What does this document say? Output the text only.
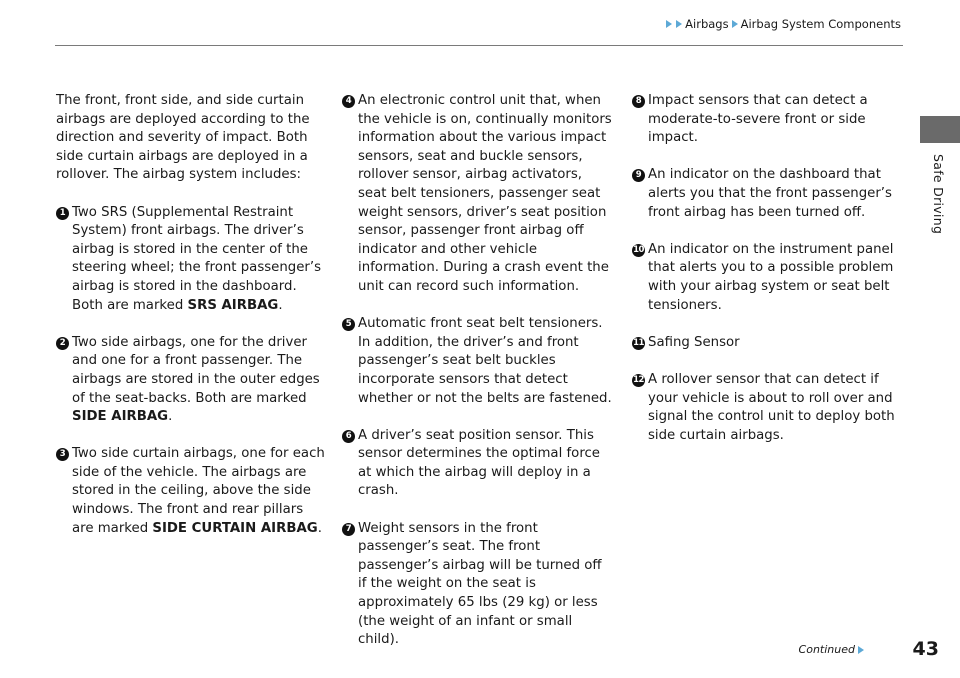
Airbags Airbag System Components
Safe Driving

The front, front side, and side curtain airbags are deployed according to the direction and severity of impact. Both side curtain airbags are deployed in a rollover. The airbag system includes:

1 Two SRS (Supplemental Restraint System) front airbags. The driver’s airbag is stored in the center of the steering wheel; the front passenger’s airbag is stored in the dashboard. Both are marked SRS AIRBAG.
2 Two side airbags, one for the driver and one for a front passenger. The airbags are stored in the outer edges of the seat-backs. Both are marked SIDE AIRBAG.
3 Two side curtain airbags, one for each side of the vehicle. The airbags are stored in the ceiling, above the side windows. The front and rear pillars are marked SIDE CURTAIN AIRBAG.
4 An electronic control unit that, when the vehicle is on, continually monitors information about the various impact sensors, seat and buckle sensors, rollover sensor, airbag activators, seat belt tensioners, passenger seat weight sensors, driver’s seat position sensor, passenger front airbag off indicator and other vehicle information. During a crash event the unit can record such information.
5 Automatic front seat belt tensioners. In addition, the driver’s and front passenger’s seat belt buckles incorporate sensors that detect whether or not the belts are fastened.
6 A driver’s seat position sensor. This sensor determines the optimal force at which the airbag will deploy in a crash.
7 Weight sensors in the front passenger’s seat. The front passenger’s airbag will be turned off if the weight on the seat is approximately 65 lbs (29 kg) or less (the weight of an infant or small child).
8 Impact sensors that can detect a moderate-to-severe front or side impact.
9 An indicator on the dashboard that alerts you that the front passenger’s front airbag has been turned off.
10 An indicator on the instrument panel that alerts you to a possible problem with your airbag system or seat belt tensioners.
11 Safing Sensor
12 A rollover sensor that can detect if your vehicle is about to roll over and signal the control unit to deploy both side curtain airbags.
Continued	43
